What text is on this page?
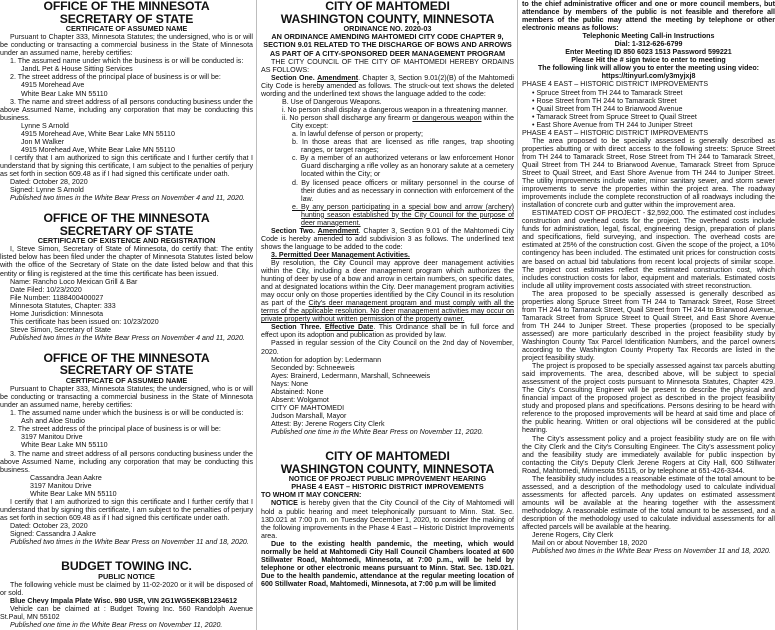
OFFICE OF THE MINNESOTA
SECRETARY OF STATE
CERTIFICATE OF ASSUMED NAME

Pursuant to Chapter 333, Minnesota Statutes; the undersigned, who is or will be conducting or transacting a commercial business in the State of Minnesota under an assumed name, hereby certifies:

1. The assumed name under which the business is or will be conducted is:

JandL Pet & House Sitting Services

2. The street address of the principal place of business is or will be:

4915 Morehead Ave

White Bear Lake MN 55110

3. The name and street address of all persons conducting business under the above Assumed Name, including any corporation that may be conducting this business.

Lynne S Arnold

4915 Morehead Ave, White Bear Lake MN 55110

Jon M Walker

4915 Morehead Ave, White Bear Lake MN 55110

I certify that I am authorized to sign this certificate and I further certify that I understand that by signing this certificate, I am subject to the penalties of perjury as set forth in section 609.48 as if I had signed this certificate under oath.

Dated: October 28, 2020

Signed: Lynne S Arnold

Published two times in the White Bear Press on November 4 and 11, 2020.

OFFICE OF THE MINNESOTA
SECRETARY OF STATE
CERTIFICATE OF EXISTENCE AND REGISTRATION

I, Steve Simon, Secretary of State of Minnesota, do certify that: The entity listed below has been filed under the chapter of Minnesota Statutes listed below with the office of the Secretary of State on the date listed below and that this entity or filing is registered at the time this certificate has been issued.

Name: Rancho Loco Mexican Grill & Bar

Date Filed: 10/23/2020

File Number: 1188400400027

Minnesota Statutes, Chapter: 333

Home Jurisdiction: Minnesota

This certificate has been issued on: 10/23/2020

Steve Simon, Secretary of State

Published two times in the White Bear Press on November 4 and 11, 2020.

OFFICE OF THE MINNESOTA
SECRETARY OF STATE
CERTIFICATE OF ASSUMED NAME

Pursuant to Chapter 333, Minnesota Statutes; the undersigned, who is or will be conducting or transacting a commercial business in the State of Minnesota under an assumed name, hereby certifies:

1. The assumed name under which the business is or will be conducted is:

Ash and Aloe Studio

2. The street address of the principal place of business is or will be:

3197 Manitou Drive

White Bear Lake MN 55110

3. The name and street address of all persons conducting business under the above Assumed Name, including any corporation that may be conducting this business.

Cassandra Jean Aakre

3197 Manitou Drive

White Bear Lake MN 55110

I certify that I am authorized to sign this certificate and I further certify that I understand that by signing this certificate, I am subject to the penalties of perjury as set forth in section 609.48 as if I had signed this certificate under oath.

Dated: October 23, 2020

Signed: Cassandra J Aakre

Published two times in the White Bear Press on November 11 and 18, 2020.

BUDGET TOWING INC.
PUBLIC NOTICE

The following vehicle must be claimed by 11-02-2020 or it will be disposed of or sold.

Blue Chevy Impala Plate Wisc. 980 USR, VIN 2G1WG5EK8B1234612

Vehicle can be claimed at : Budget Towing Inc. 560 Randolph Avenue St.Paul, MN 55102

Published one time in the White Bear Press on November 11, 2020.

CITY OF MAHTOMEDI
WASHINGTON COUNTY, MINNESOTA
ORDINANCE NO. 2020-03
AN ORDINANCE AMENDING MAHTOMEDI CITY CODE CHAPTER 9, SECTION 9.01 RELATED TO THE DISCHARGE OF BOWS AND ARROWS AS PART OF A CITY-SPONSORED DEER MANAGEMENT PROGRAM

THE CITY COUNCIL OF THE CITY OF MAHTOMEDI HEREBY ORDAINS AS FOLLOWS:

Section One. Amendment. Chapter 3, Section 9.01(2)(B) of the Mahtomedi City Code is hereby amended as follows. The struck-out text shows the deleted wording and the underlined text shows the language added to the code:

B. Use of Dangerous Weapons.

i. No person shall display a dangerous weapon in a threatening manner.

ii. No person shall discharge any firearm or dangerous weapon within the City except:

a. In lawful defense of person or property;

b. In those areas that are licensed as rifle ranges, trap shooting ranges, or target ranges;

c. By a member of an authorized veterans or law enforcement Honor Guard discharging a rifle volley as an honorary salute at a cemetery located within the City; or

d. By licensed peace officers or military personnel in the course of their duties and as necessary in connection with enforcement of the law.

e. By any person participating in a special bow and arrow (archery) hunting season established by the City Council for the purpose of deer management.

Section Two. Amendment. Chapter 3, Section 9.01 of the Mahtomedi City Code is hereby amended to add subdivision 3 as follows. The underlined text shows the language to be added to the code:

3. Permitted Deer Management Activities.

By resolution, the City Council may approve deer management activities within the City, including a deer management program which authorizes the hunting of deer by use of a bow and arrow in certain numbers, on specific dates, and at designated locations within the City. Deer management program activities may occur only on those properties identified by the City Council in its resolution as part of the City's deer management program and must comply with all the terms of the applicable resolution. No deer management activities may occur on private property without written permission of the property owner.

Section Three. Effective Date. This Ordinance shall be in full force and effect upon its adoption and publication as provided by law.

Passed in regular session of the City Council on the 2nd day of November, 2020.

Motion for adoption by: Ledermann

Seconded by: Schneeweis

Ayes: Brainerd, Ledermann, Marshall, Schneeweis

Nays: None

Abstained: None

Absent: Wolgamot

CITY OF MAHTOMEDI

Judson Marshall, Mayor

Attest: By: Jerene Rogers City Clerk

Published one time in the White Bear Press on November 11, 2020.

CITY OF MAHTOMEDI
WASHINGTON COUNTY, MINNESOTA
NOTICE OF PROJECT PUBLIC IMPROVEMENT HEARING
PHASE 4 EAST – HISTORIC DISTRICT IMPROVEMENTS

TO WHOM IT MAY CONCERN:

NOTICE is hereby given that the City Council of the City of Mahtomedi will hold a public hearing and meet telephonically pursuant to Minn. Stat. Sec. 13D.021 at 7:00 p.m. on Tuesday December 1, 2020, to consider the making of the following improvements in the Phase 4 East – Historic District Improvements area.

Due to the existing health pandemic, the meeting, which would normally be held at Mahtomedi City Hall Council Chambers located at 600 Stillwater Road, Mahtomedi, Minnesota, at 7:00 p.m., will be held by telephone or other electronic means pursuant to Minn. Stat. Sec. 13D.021. Due to the health pandemic, attendance at the regular meeting location of 600 Stillwater Road, Mahtomedi, Minnesota, at 7:00 p.m will be limited

to the chief administrative officer and one or more council members, but attendance by members of the public is not feasible and therefore all members of the public may attend the meeting by telephone or other electronic means as follows:

Telephonic Meeting Call-in Instructions

Dial: 1-312-626-6799

Enter Meeting ID 850 6023 1513 Password 599221

Please Hit the # sign twice to enter to meeting

The following link will allow you to enter the meeting using video:

https://tinyurl.com/y3myjxj8

PHASE 4 EAST – HISTORIC DISTRICT IMPROVEMENTS

• Spruce Street from TH 244 to Tamarack Street

• Rose Street from TH 244 to Tamarack Street

• Quail Street from TH 244 to Briarwood Avenue

• Tamarack Street from Spruce Street to Quail Street

• East Shore Avenue from TH 244 to Juniper Street

PHASE 4 EAST – HISTORIC DISTRICT IMPROVEMENTS

The area proposed to be specially assessed is generally described as properties abutting or with direct access to the following streets: Spruce Street from TH 244 to Tamarack Street, Rose Street from TH 244 to Tamarack Street, Quail Street from TH 244 to Briarwood Avenue, Tamarack Street from Spruce Street to Quail Street, and East Shore Avenue from TH 244 to Juniper Street. The utility improvements include water, minor sanitary sewer, and storm sewer improvements to serve the properties within the project area. The roadway improvements include the complete reconstruction of all roadways including the installation of concrete curb and gutter within the improvement area.

ESTIMATED COST OF PROJECT - $2,592,000. The estimated cost includes construction and overhead costs for the project. The overhead costs include funds for administration, legal, fiscal, engineering design, preparation of plans and specifications, field surveying, and inspection. The overhead costs are estimated at 25% of the construction cost. Given the scope of the project, a 10% contingency has been included. The estimated unit prices for construction costs are based on actual bid tabulations from recent local projects of similar scope. The project cost estimates reflect the estimated construction cost, which includes construction costs for labor, equipment and materials. Estimated costs include all utility improvement costs associated with street reconstruction.

The area proposed to be specially assessed is generally described as properties along Spruce Street from TH 244 to Tamarack Street, Rose Street from TH 244 to Tamarack Street, Quail Street from TH 244 to Briarwood Avenue, Tamarack Street from Spruce Street to Quail Street, and East Shore Avenue from TH 244 to Juniper Street. These properties (proposed to be specially assessed) are more particularly described in the project feasibility study by Washington County Tax Parcel Identification Numbers, and the parcel owners according to the Washington County Property Tax Records are listed in the project feasibility study.

The project is proposed to be specially assessed against tax parcels abutting said improvements. The area, described above, will be subject to special assessment of the project costs pursuant to Minnesota Statutes, Chapter 429. The City's Consulting Engineer will be present to describe the physical and financial impact of the proposed project as described in the project feasibility study and proposed plans and specifications. Persons desiring to be heard with reference to the proposed improvements will be heard at said time and place of the public hearing. Written or oral objections will be considered at the public hearing.

The City's assessment policy and a project feasibility study are on file with the City Clerk and the City's Consulting Engineer. The City's assessment policy and the feasibility study are immediately available for public inspection by contacting the City's Deputy Clerk Jerene Rogers at City Hall, 600 Stillwater Road, Mahtomedi, Minnesota 55115, or by telephone at 651-426-3344.

The feasibility study includes a reasonable estimate of the total amount to be assessed, and a description of the methodology used to calculate individual assessments for affected parcels. Any updates on estimated assessment amounts will be available at the hearing together with the assessment methodology. A reasonable estimate of the total amount to be assessed, and a description of the methodology used to calculate individual assessments for all affected parcels will be available at the hearing.

Jerene Rogers, City Clerk

Mail on or about November 18, 2020

Published two times in the White Bear Press on November 11 and 18, 2020.
